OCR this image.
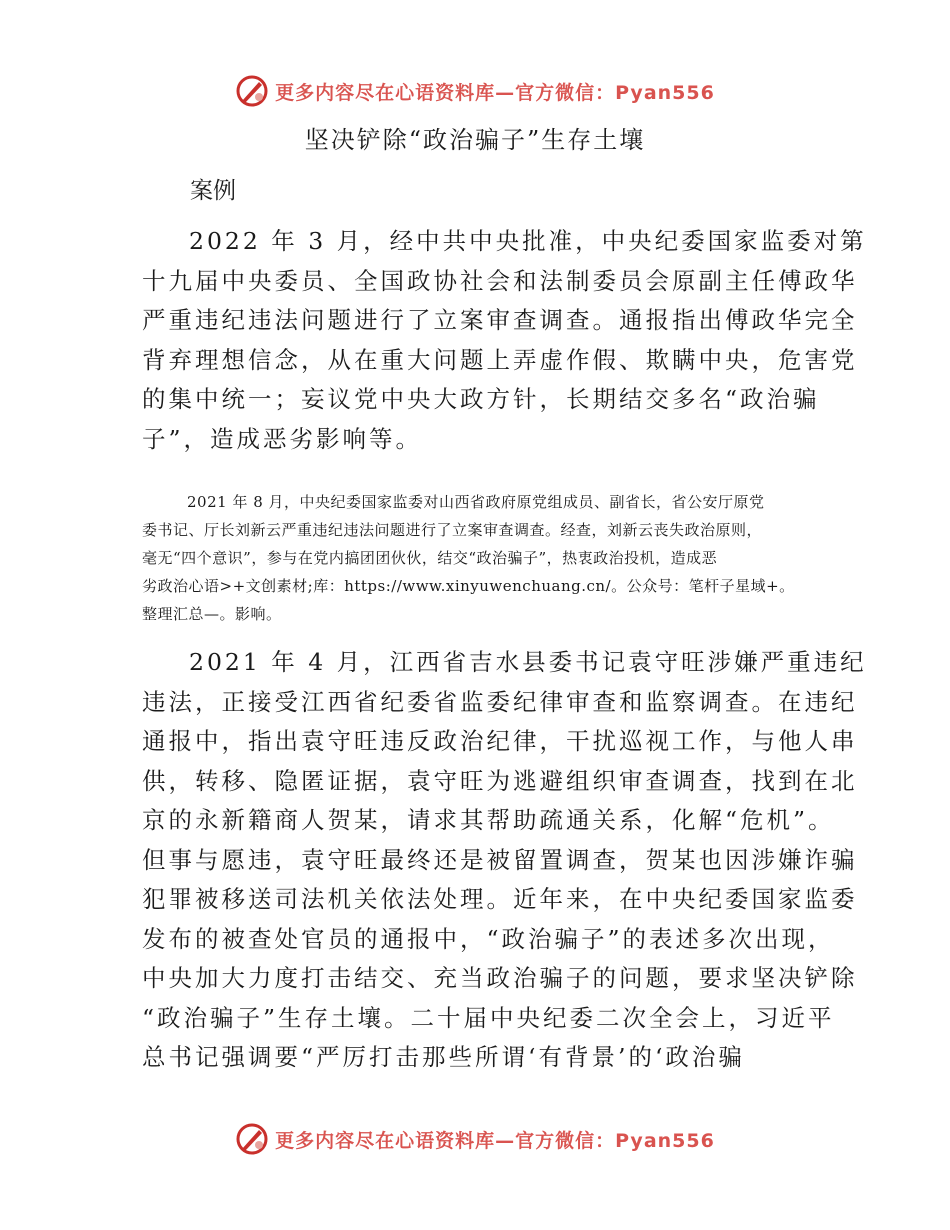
更多内容尽在心语资料库—官方微信：Pyan556
坚决铲除“政治骗子”生存土壤
案例

2022 年 3 月，经中共中央批准，中央纪委国家监委对第
十九届中央委员、全国政协社会和法制委员会原副主任傅政华
严重违纪违法问题进行了立案审查调查。通报指出傅政华完全
背弃理想信念，从在重大问题上弄虚作假、欺瞒中央，危害党
的集中统一；妄议党中央大政方针，长期结交多名“政治骗
子”，造成恶劣影响等。

2021 年 8 月，中央纪委国家监委对山西省政府原党组成员、副省长，省公安厅原党
委书记、厅长刘新云严重违纪违法问题进行了立案审查调查。经查，刘新云丧失政治原则，
毫无“四个意识”，参与在党内搞团团伙伙，结交“政治骗子”，热衷政治投机，造成恶
劣政治心语>+文创素材;库：https://www.xinyuwenchuang.cn/。公众号：笔杆子星域+。
整理汇总—。影响。

2021 年 4 月，江西省吉水县委书记袁守旺涉嫌严重违纪
违法，正接受江西省纪委省监委纪律审查和监察调查。在违纪
通报中，指出袁守旺违反政治纪律，干扰巡视工作，与他人串
供，转移、隐匿证据，袁守旺为逃避组织审查调查，找到在北
京的永新籍商人贺某，请求其帮助疏通关系，化解“危机”。
但事与愿违，袁守旺最终还是被留置调查，贺某也因涉嫌诈骗
犯罪被移送司法机关依法处理。近年来，在中央纪委国家监委
发布的被查处官员的通报中，“政治骗子”的表述多次出现，
中央加大力度打击结交、充当政治骗子的问题，要求坚决铲除
“政治骗子”生存土壤。二十届中央纪委二次全会上，习近平
总书记强调要“严厉打击那些所谓‘有背景’的‘政治骗

更多内容尽在心语资料库—官方微信：Pyan556
